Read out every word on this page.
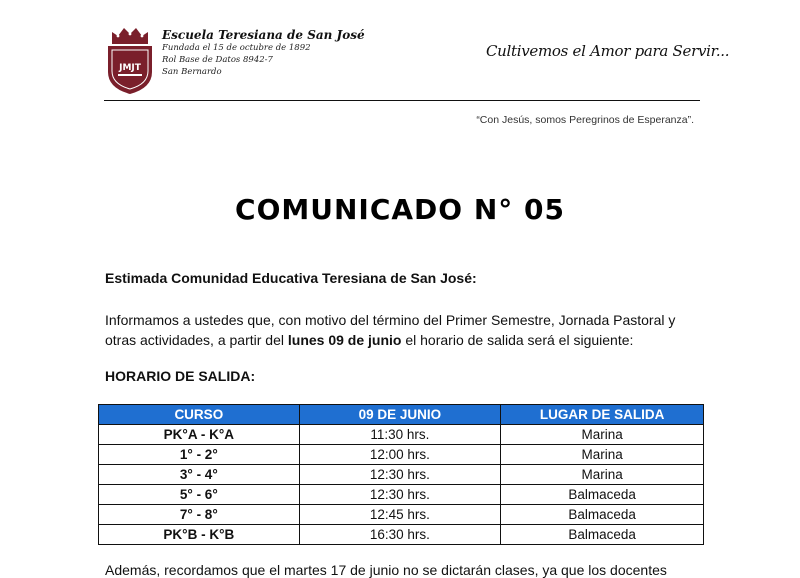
JMJT
Escuela Teresiana de San José
Fundada el 15 de octubre de 1892
Rol Base de Datos 8942-7
San Bernardo
Cultivemos el Amor para Servir...
“Con Jesús, somos Peregrinos de Esperanza”.
COMUNICADO N° 05
Estimada Comunidad Educativa Teresiana de San José:
Informamos a ustedes que, con motivo del término del Primer Semestre, Jornada Pastoral y otras actividades, a partir del lunes 09 de junio el horario de salida será el siguiente:
HORARIO DE SALIDA:
CURSO	09 DE JUNIO	LUGAR DE SALIDA
PK°A - K°A	11:30 hrs.	Marina
1° - 2°	12:00 hrs.	Marina
3° - 4°	12:30 hrs.	Marina
5° - 6°	12:30 hrs.	Balmaceda
7° - 8°	12:45 hrs.	Balmaceda
PK°B - K°B	16:30 hrs.	Balmaceda
Además, recordamos que el martes 17 de junio no se dictarán clases, ya que los docentes
